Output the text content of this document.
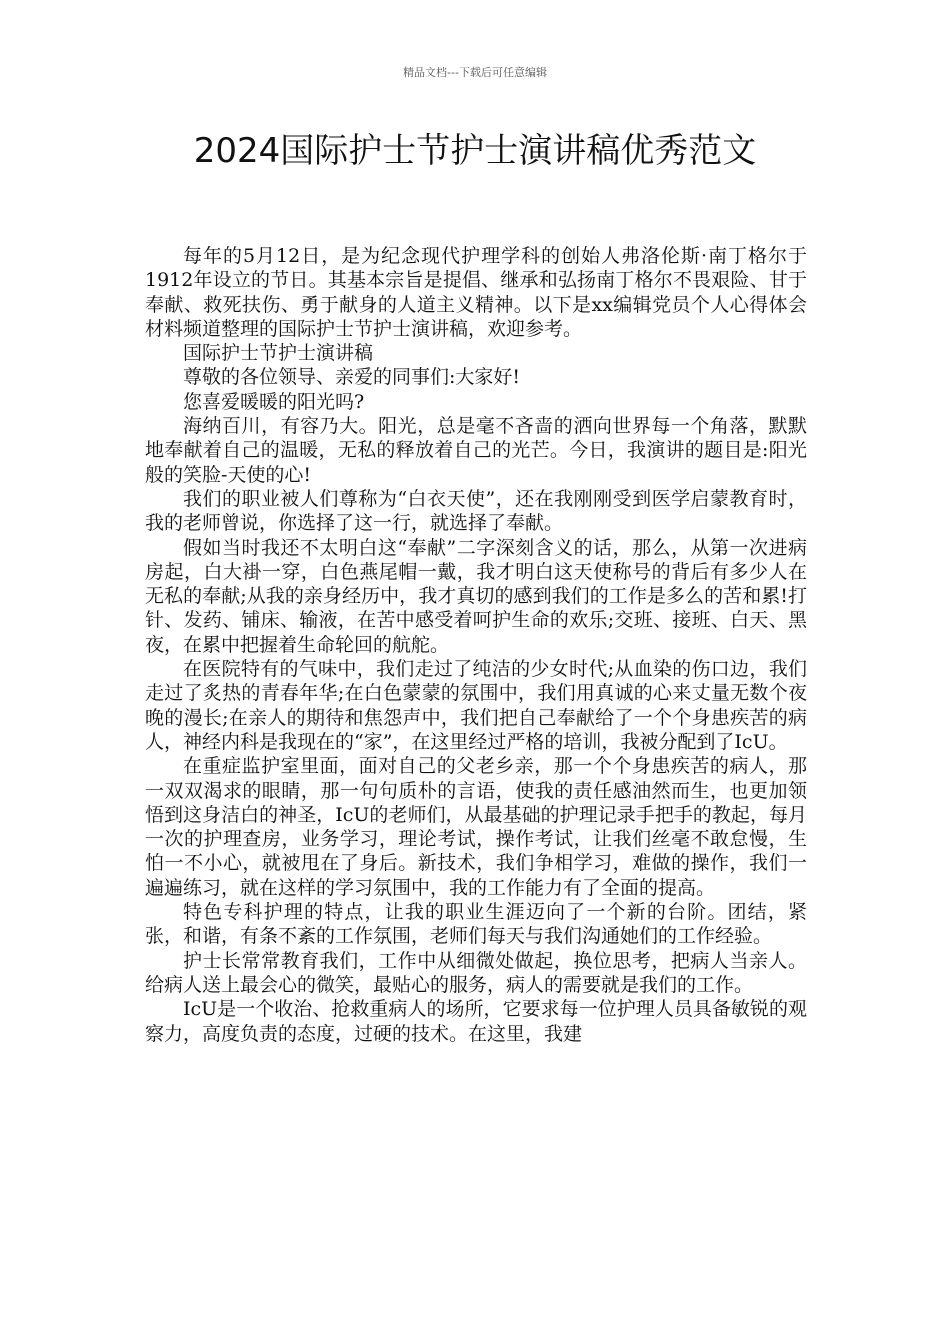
精品文档---下载后可任意编辑
2024国际护士节护士演讲稿优秀范文

每年的5月12日，是为纪念现代护理学科的创始人弗洛伦斯·南丁格尔于1912年设立的节日。其基本宗旨是提倡、继承和弘扬南丁格尔不畏艰险、甘于奉献、救死扶伤、勇于献身的人道主义精神。以下是xx编辑党员个人心得体会材料频道整理的国际护士节护士演讲稿，欢迎参考。

国际护士节护士演讲稿

尊敬的各位领导、亲爱的同事们:大家好!

您喜爱暖暖的阳光吗?

海纳百川，有容乃大。阳光，总是毫不吝啬的洒向世界每一个角落，默默地奉献着自己的温暖，无私的释放着自己的光芒。今日，我演讲的题目是:阳光般的笑脸-天使的心!

我们的职业被人们尊称为“白衣天使”，还在我刚刚受到医学启蒙教育时，我的老师曾说，你选择了这一行，就选择了奉献。

假如当时我还不太明白这“奉献”二字深刻含义的话，那么，从第一次进病房起，白大褂一穿，白色燕尾帽一戴，我才明白这天使称号的背后有多少人在无私的奉献;从我的亲身经历中，我才真切的感到我们的工作是多么的苦和累!打针、发药、铺床、输液，在苦中感受着呵护生命的欢乐;交班、接班、白天、黑夜，在累中把握着生命轮回的航舵。

在医院特有的气味中，我们走过了纯洁的少女时代;从血染的伤口边，我们走过了炙热的青春年华;在白色蒙蒙的氛围中，我们用真诚的心来丈量无数个夜晚的漫长;在亲人的期待和焦怨声中，我们把自己奉献给了一个个身患疾苦的病人，神经内科是我现在的“家”，在这里经过严格的培训，我被分配到了IcU。

在重症监护室里面，面对自己的父老乡亲，那一个个身患疾苦的病人，那一双双渴求的眼睛，那一句句质朴的言语，使我的责任感油然而生，也更加领悟到这身洁白的神圣，IcU的老师们，从最基础的护理记录手把手的教起，每月一次的护理查房，业务学习，理论考试，操作考试，让我们丝毫不敢怠慢，生怕一不小心，就被甩在了身后。新技术，我们争相学习，难做的操作，我们一遍遍练习，就在这样的学习氛围中，我的工作能力有了全面的提高。

特色专科护理的特点，让我的职业生涯迈向了一个新的台阶。团结，紧张，和谐，有条不紊的工作氛围，老师们每天与我们沟通她们的工作经验。

护士长常常教育我们，工作中从细微处做起，换位思考，把病人当亲人。给病人送上最会心的微笑，最贴心的服务，病人的需要就是我们的工作。

IcU是一个收治、抢救重病人的场所，它要求每一位护理人员具备敏锐的观察力，高度负责的态度，过硬的技术。在这里，我建
